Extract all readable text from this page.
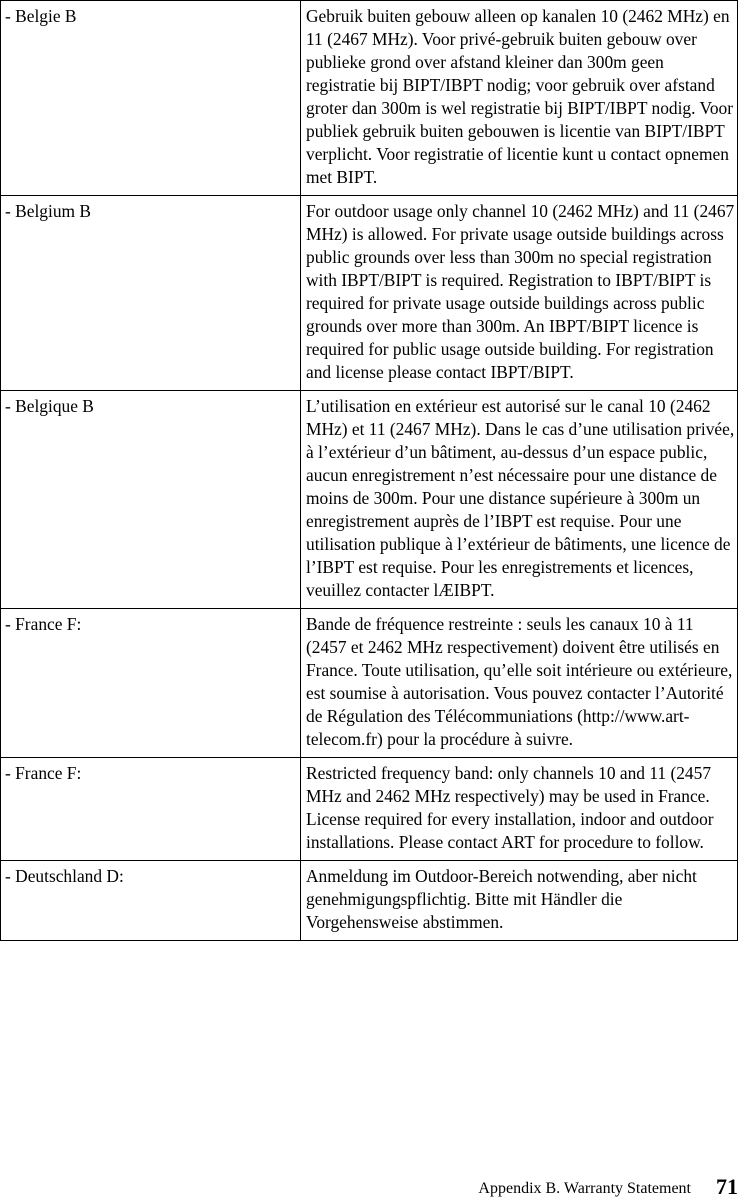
- Belgie B	Gebruik buiten gebouw alleen op kanalen 10 (2462 MHz) en 11 (2467 MHz). Voor privé-gebruik buiten gebouw over publieke grond over afstand kleiner dan 300m geen registratie bij BIPT/IBPT nodig; voor gebruik over afstand groter dan 300m is wel registratie bij BIPT/IBPT nodig. Voor publiek gebruik buiten gebouwen is licentie van BIPT/IBPT verplicht. Voor registratie of licentie kunt u contact opnemen met BIPT.
- Belgium B	For outdoor usage only channel 10 (2462 MHz) and 11 (2467 MHz) is allowed. For private usage outside buildings across public grounds over less than 300m no special registration with IBPT/BIPT is required. Registration to IBPT/BIPT is required for private usage outside buildings across public grounds over more than 300m. An IBPT/BIPT licence is required for public usage outside building. For registration and license please contact IBPT/BIPT.
- Belgique B	L’utilisation en extérieur est autorisé sur le canal 10 (2462 MHz) et 11 (2467 MHz). Dans le cas d’une utilisation privée, à l’extérieur d’un bâtiment, au-dessus d’un espace public, aucun enregistrement n’est nécessaire pour une distance de moins de 300m. Pour une distance supérieure à 300m un enregistrement auprès de l’IBPT est requise. Pour une utilisation publique à l’extérieur de bâtiments, une licence de l’IBPT est requise. Pour les enregistrements et licences, veuillez contacter lÆIBPT.
- France F:	Bande de fréquence restreinte : seuls les canaux 10 à 11 (2457 et 2462 MHz respectivement) doivent être utilisés en France. Toute utilisation, qu’elle soit intérieure ou extérieure, est soumise à autorisation. Vous pouvez contacter l’Autorité de Régulation des Télécommuniations (http://www.art-telecom.fr) pour la procédure à suivre.
- France F:	Restricted frequency band: only channels 10 and 11 (2457 MHz and 2462 MHz respectively) may be used in France. License required for every installation, indoor and outdoor installations. Please contact ART for procedure to follow.
- Deutschland D:	Anmeldung im Outdoor-Bereich notwending, aber nicht genehmigungspflichtig. Bitte mit Händler die Vorgehensweise abstimmen.
Appendix B. Warranty Statement 71
